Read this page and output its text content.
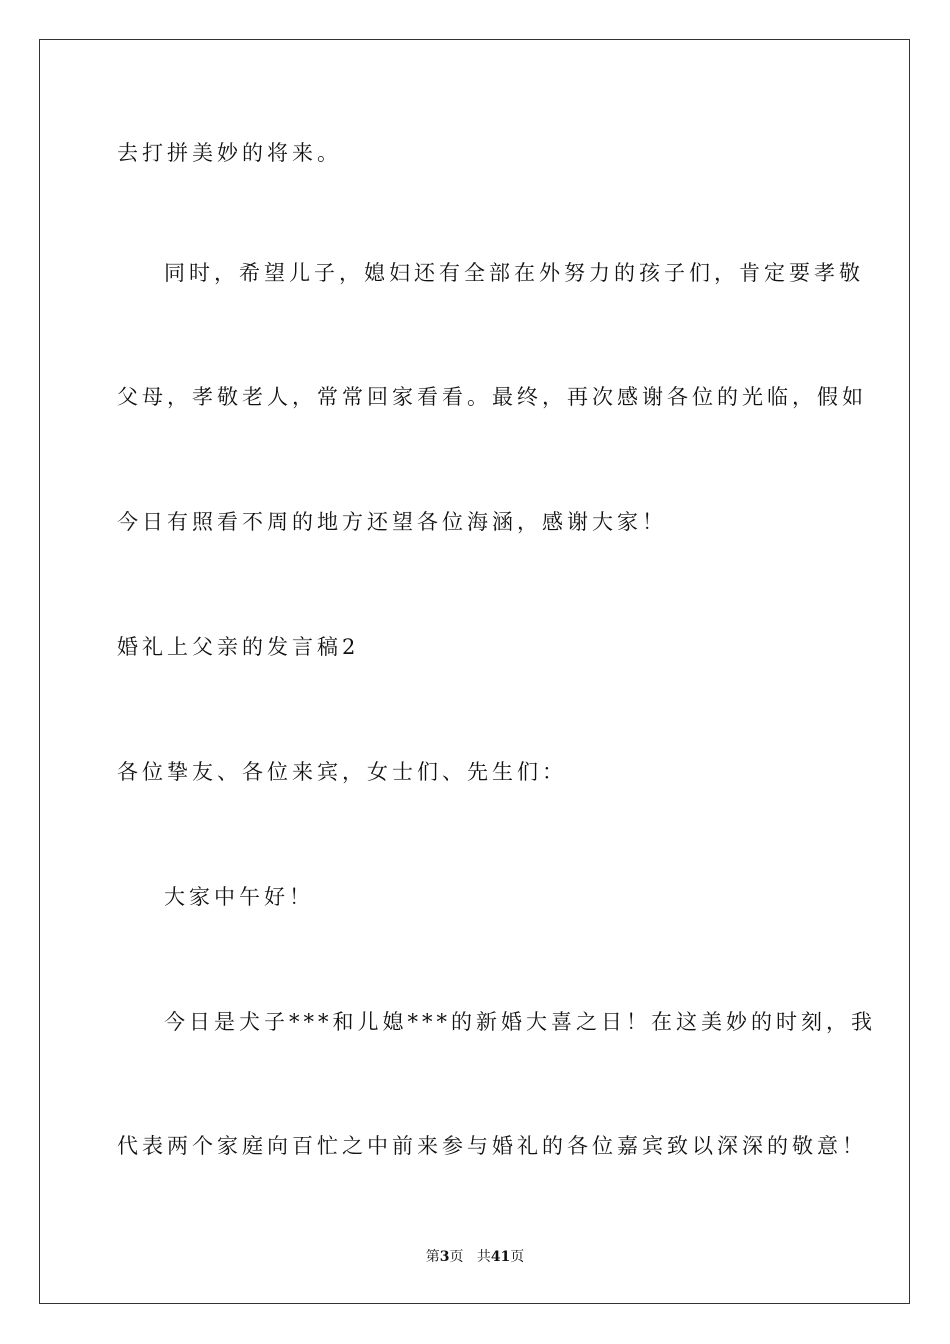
去打拼美妙的将来。
同时，希望儿子，媳妇还有全部在外努力的孩子们，肯定要孝敬
父母，孝敬老人，常常回家看看。最终，再次感谢各位的光临，假如
今日有照看不周的地方还望各位海涵，感谢大家！
婚礼上父亲的发言稿2
各位挚友、各位来宾，女士们、先生们：
大家中午好！
今日是犬子***和儿媳***的新婚大喜之日！在这美妙的时刻，我
代表两个家庭向百忙之中前来参与婚礼的各位嘉宾致以深深的敬意！
第3页 共41页
